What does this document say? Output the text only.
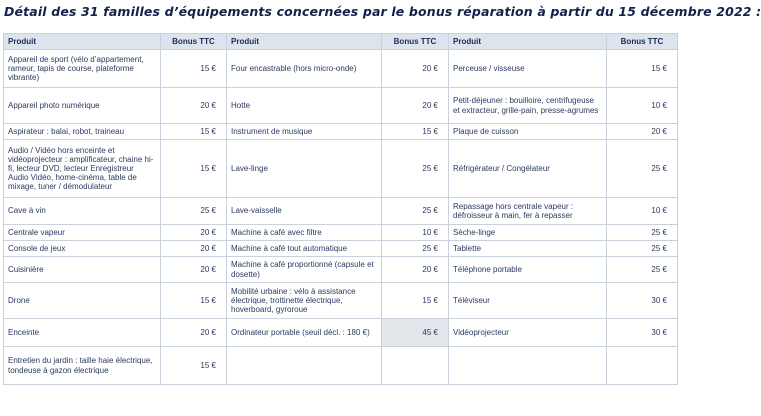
Détail des 31 familles d’équipements concernées par le bonus réparation à partir du 15 décembre 2022 :
Produit	Bonus TTC	Produit	Bonus TTC	Produit	Bonus TTC
Appareil de sport (vélo d’appartement, rameur, tapis de course, plateforme vibrante)	15 €	Four encastrable (hors micro-onde)	20 €	Perceuse / visseuse	15 €
Appareil photo numérique	20 €	Hotte	20 €	Petit-déjeuner : bouilloire, centrifugeuse et extracteur, grille-pain, presse-agrumes	10 €
Aspirateur : balai, robot, traineau	15 €	Instrument de musique	15 €	Plaque de cuisson	20 €
Audio / Vidéo hors enceinte et vidéoprojecteur : amplificateur, chaine hi-fi, lecteur DVD, lecteur Enregistreur Audio Vidéo, home-cinéma, table de mixage, tuner / démodulateur	15 €	Lave-linge	25 €	Réfrigérateur / Congélateur	25 €
Cave à vin	25 €	Lave-vaisselle	25 €	Repassage hors centrale vapeur : défroisseur à main, fer à repasser	10 €
Centrale vapeur	20 €	Machine à café avec filtre	10 €	Sèche-linge	25 €
Console de jeux	20 €	Machine à café tout automatique	25 €	Tablette	25 €
Cuisinière	20 €	Machine à café proportionné (capsule et dosette)	20 €	Téléphone portable	25 €
Drone	15 €	Mobilité urbaine : vélo à assistance électrique, trottinette électrique, hoverboard, gyroroue	15 €	Téléviseur	30 €
Enceinte	20 €	Ordinateur portable (seuil décl. : 180 €)	45 €	Vidéoprojecteur	30 €
Entretien du jardin : taille haie électrique, tondeuse à gazon électrique	15 €				
